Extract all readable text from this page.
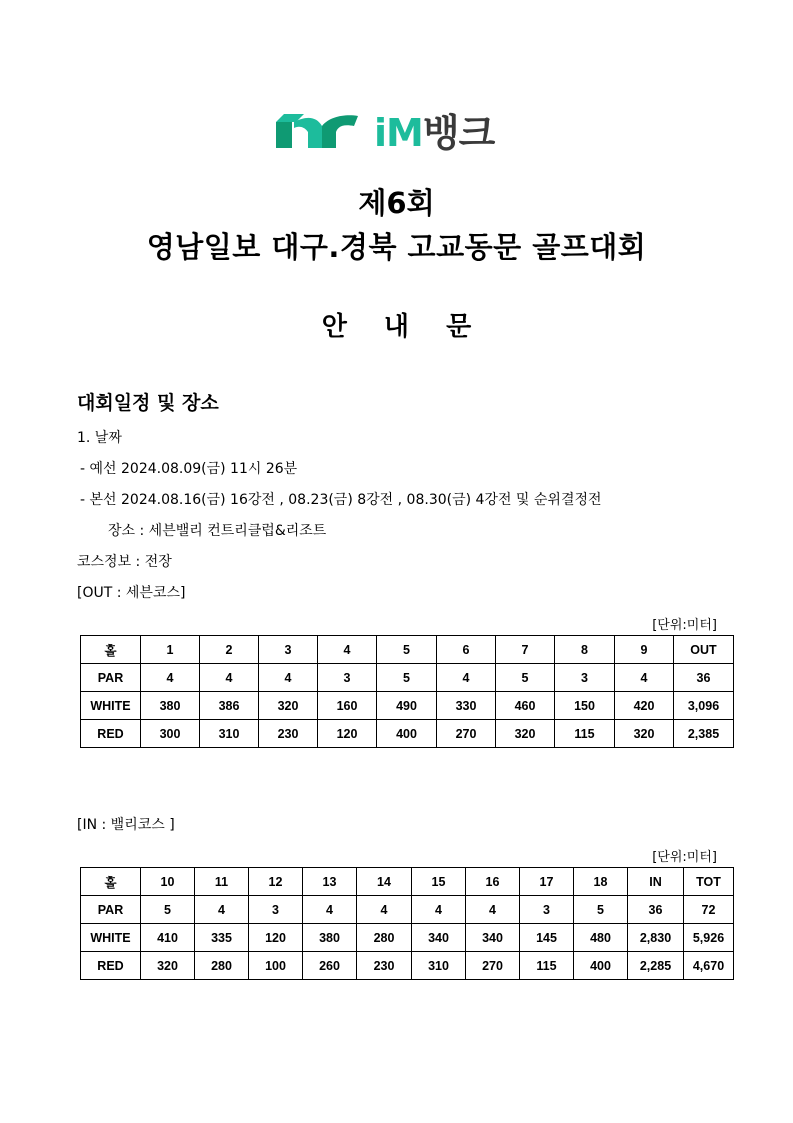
iM뱅크
제6회
영남일보 대구.경북 고교동문 골프대회
안 내 문
대회일정 및 장소
1. 날짜
- 예선 2024.08.09(금) 11시 26분
- 본선 2024.08.16(금) 16강전 , 08.23(금) 8강전 , 08.30(금) 4강전 및 순위결정전
장소 : 세븐밸리 컨트리클럽&리조트
코스정보 : 전장
[OUT : 세븐코스]
[단위:미터]
홀	1	2	3	4	5	6	7	8	9	OUT
PAR	4	4	4	3	5	4	5	3	4	36
WHITE	380	386	320	160	490	330	460	150	420	3,096
RED	300	310	230	120	400	270	320	115	320	2,385
[IN : 밸리코스 ]
[단위:미터]
홀	10	11	12	13	14	15	16	17	18	IN	TOT
PAR	5	4	3	4	4	4	4	3	5	36	72
WHITE	410	335	120	380	280	340	340	145	480	2,830	5,926
RED	320	280	100	260	230	310	270	115	400	2,285	4,670
